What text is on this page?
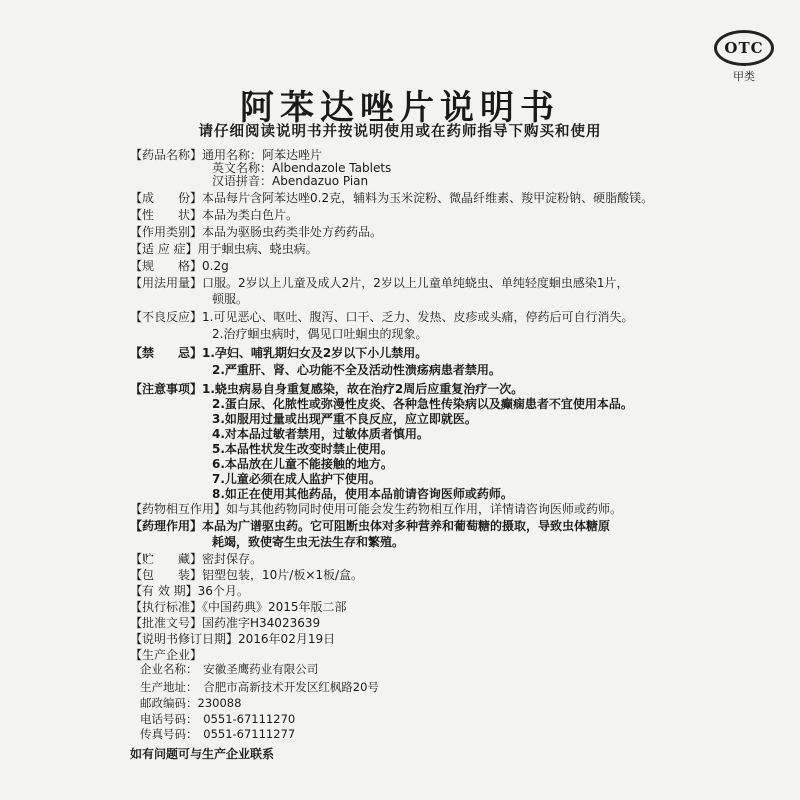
OTC
甲类
阿苯达唑片说明书
请仔细阅读说明书并按说明使用或在药师指导下购买和使用
【药品名称】通用名称：阿苯达唑片
英文名称：Albendazole Tablets
汉语拼音：Abendazuo Pian
【成　　份】本品每片含阿苯达唑0.2克，辅料为玉米淀粉、微晶纤维素、羧甲淀粉钠、硬脂酸镁。
【性　　状】本品为类白色片。
【作用类别】本品为驱肠虫药类非处方药药品。
【适 应 症】用于蛔虫病、蛲虫病。
【规　　格】0.2g
【用法用量】口服。2岁以上儿童及成人2片，2岁以上儿童单纯蛲虫、单纯轻度蛔虫感染1片，
顿服。
【不良反应】1.可见恶心、呕吐、腹泻、口干、乏力、发热、皮疹或头痛，停药后可自行消失。
2.治疗蛔虫病时，偶见口吐蛔虫的现象。
【禁　　忌】1.孕妇、哺乳期妇女及2岁以下小儿禁用。
2.严重肝、肾、心功能不全及活动性溃疡病患者禁用。
【注意事项】1.蛲虫病易自身重复感染，故在治疗2周后应重复治疗一次。
2.蛋白尿、化脓性或弥漫性皮炎、各种急性传染病以及癫痫患者不宜使用本品。
3.如服用过量或出现严重不良反应，应立即就医。
4.对本品过敏者禁用，过敏体质者慎用。
5.本品性状发生改变时禁止使用。
6.本品放在儿童不能接触的地方。
7.儿童必须在成人监护下使用。
8.如正在使用其他药品，使用本品前请咨询医师或药师。
【药物相互作用】如与其他药物同时使用可能会发生药物相互作用，详情请咨询医师或药师。
【药理作用】本品为广谱驱虫药。它可阻断虫体对多种营养和葡萄糖的摄取，导致虫体糖原
耗竭，致使寄生虫无法生存和繁殖。
【贮　　藏】密封保存。
【包　　装】铝塑包装，10片/板×1板/盒。
【有 效 期】36个月。
【执行标准】《中国药典》2015年版二部
【批准文号】国药准字H34023639
【说明书修订日期】2016年02月19日
【生产企业】
企业名称：　 安徽圣鹰药业有限公司
生产地址：　 合肥市高新技术开发区红枫路20号
邮政编码：230088
电话号码：　 0551-67111270
传真号码：　 0551-67111277
如有问题可与生产企业联系
